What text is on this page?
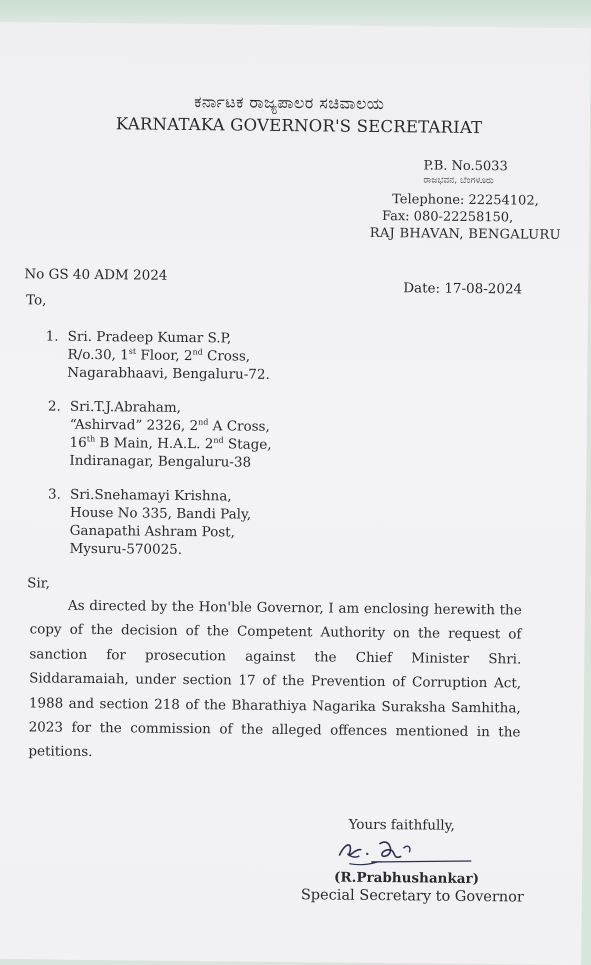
ಕರ್ನಾಟಕ ರಾಜ್ಯಪಾಲರ ಸಚಿವಾಲಯ
KARNATAKA GOVERNOR'S SECRETARIAT
P.B. No.5033
ರಾಜಭವನ, ಬೆಂಗಳೂರು
Telephone: 22254102,
Fax: 080-22258150,
RAJ BHAVAN, BENGALURU
No GS 40 ADM 2024
Date: 17-08-2024
To,
1. Sri. Pradeep Kumar S.P,
R/o.30, 1st Floor, 2nd Cross,
Nagarabhaavi, Bengaluru-72.
2. Sri.T.J.Abraham,
“Ashirvad” 2326, 2nd A Cross,
16th B Main, H.A.L. 2nd Stage,
Indiranagar, Bengaluru-38
3. Sri.Snehamayi Krishna,
House No 335, Bandi Paly,
Ganapathi Ashram Post,
Mysuru-570025.
Sir,
As directed by the Hon'ble Governor, I am enclosing herewith the
copy of the decision of the Competent Authority on the request of
sanction for prosecution against the Chief Minister Shri.
Siddaramaiah, under section 17 of the Prevention of Corruption Act,
1988 and section 218 of the Bharathiya Nagarika Suraksha Samhitha,
2023 for the commission of the alleged offences mentioned in the
petitions.
Yours faithfully,
(R.Prabhushankar)
Special Secretary to Governor
